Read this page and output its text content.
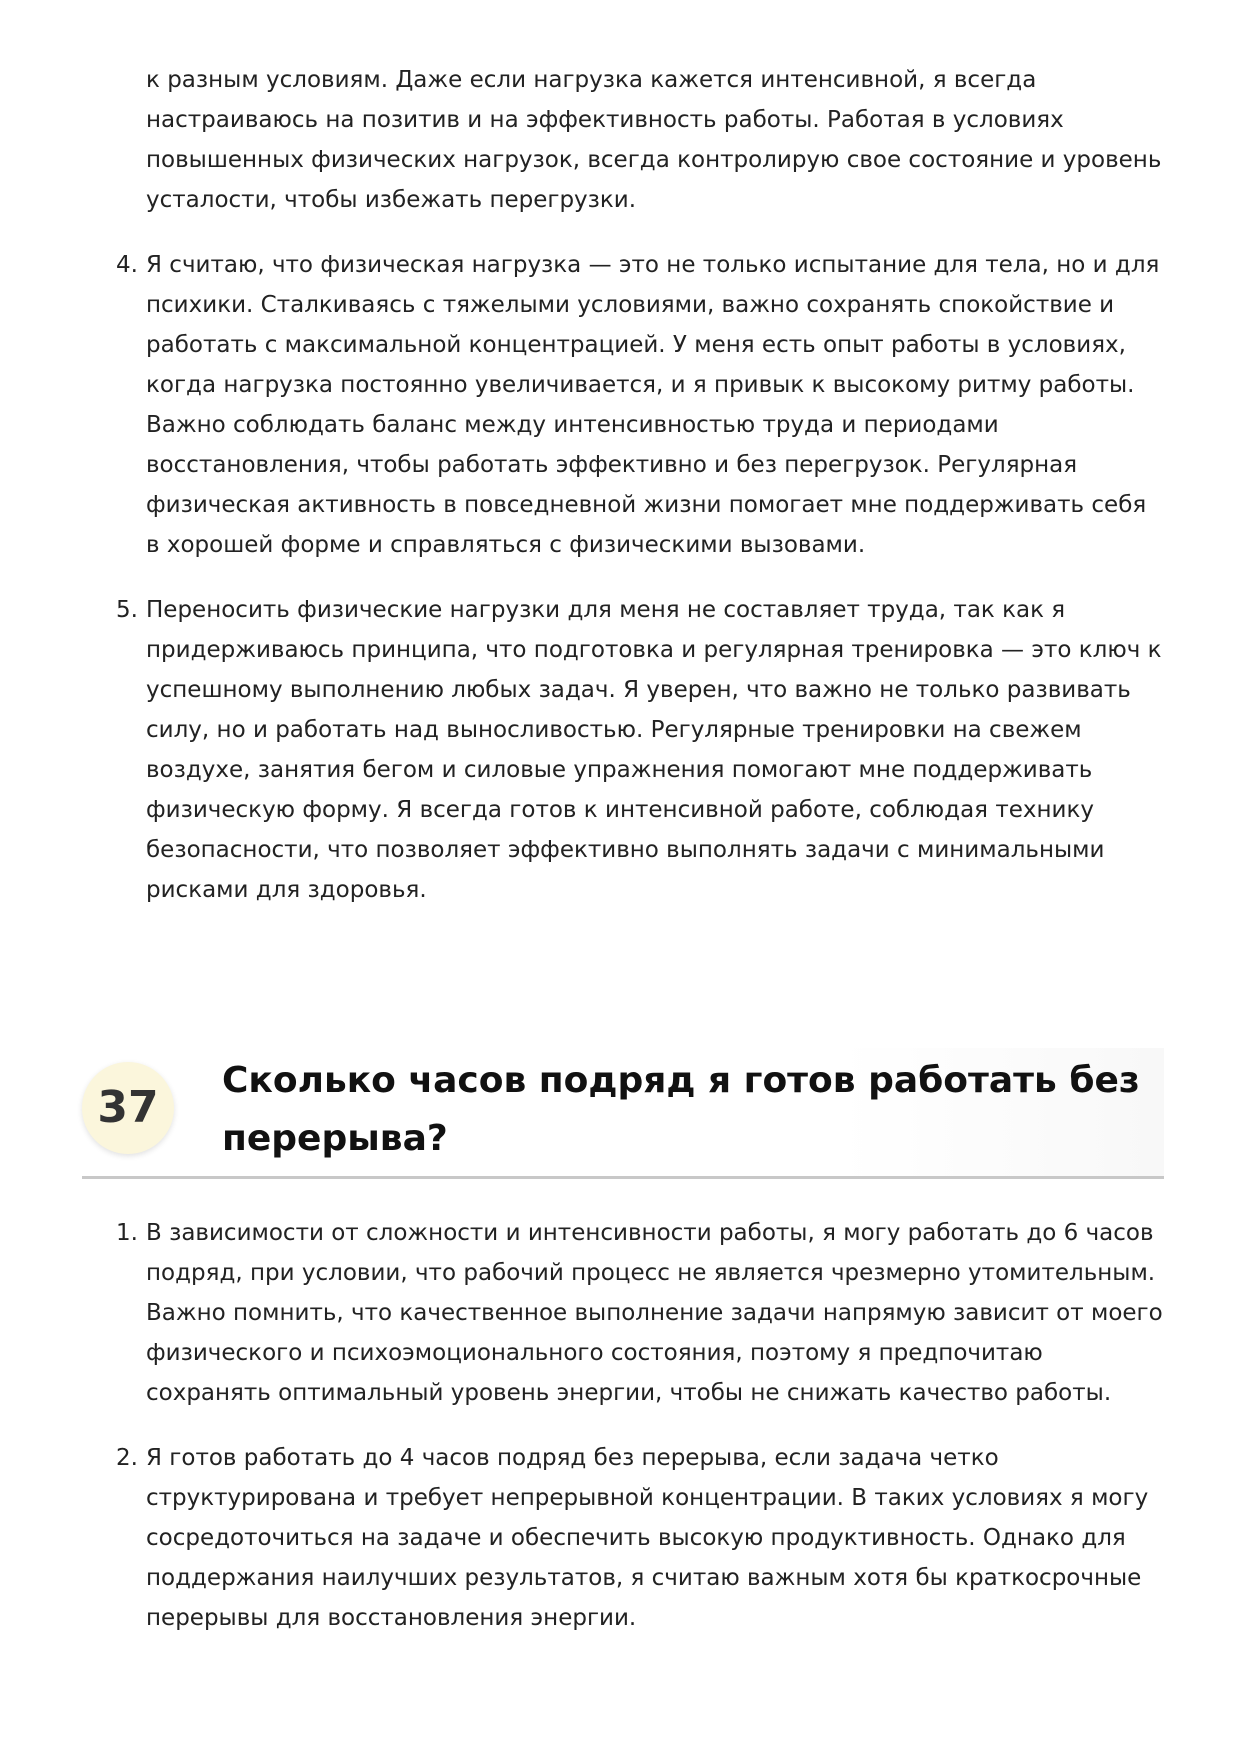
к разным условиям. Даже если нагрузка кажется интенсивной, я всегда настраиваюсь на позитив и на эффективность работы. Работая в условиях повышенных физических нагрузок, всегда контролирую свое состояние и уровень усталости, чтобы избежать перегрузки.

4. Я считаю, что физическая нагрузка — это не только испытание для тела, но и для психики. Сталкиваясь с тяжелыми условиями, важно сохранять спокойствие и работать с максимальной концентрацией. У меня есть опыт работы в условиях, когда нагрузка постоянно увеличивается, и я привык к высокому ритму работы. Важно соблюдать баланс между интенсивностью труда и периодами восстановления, чтобы работать эффективно и без перегрузок. Регулярная физическая активность в повседневной жизни помогает мне поддерживать себя в хорошей форме и справляться с физическими вызовами.
5. Переносить физические нагрузки для меня не составляет труда, так как я придерживаюсь принципа, что подготовка и регулярная тренировка — это ключ к успешному выполнению любых задач. Я уверен, что важно не только развивать силу, но и работать над выносливостью. Регулярные тренировки на свежем воздухе, занятия бегом и силовые упражнения помогают мне поддерживать физическую форму. Я всегда готов к интенсивной работе, соблюдая технику безопасности, что позволяет эффективно выполнять задачи с минимальными рисками для здоровья.
37
Сколько часов подряд я готов работать без перерыва?
1. В зависимости от сложности и интенсивности работы, я могу работать до 6 часов подряд, при условии, что рабочий процесс не является чрезмерно утомительным. Важно помнить, что качественное выполнение задачи напрямую зависит от моего физического и психоэмоционального состояния, поэтому я предпочитаю сохранять оптимальный уровень энергии, чтобы не снижать качество работы.
2. Я готов работать до 4 часов подряд без перерыва, если задача четко структурирована и требует непрерывной концентрации. В таких условиях я могу сосредоточиться на задаче и обеспечить высокую продуктивность. Однако для поддержания наилучших результатов, я считаю важным хотя бы краткосрочные перерывы для восстановления энергии.
